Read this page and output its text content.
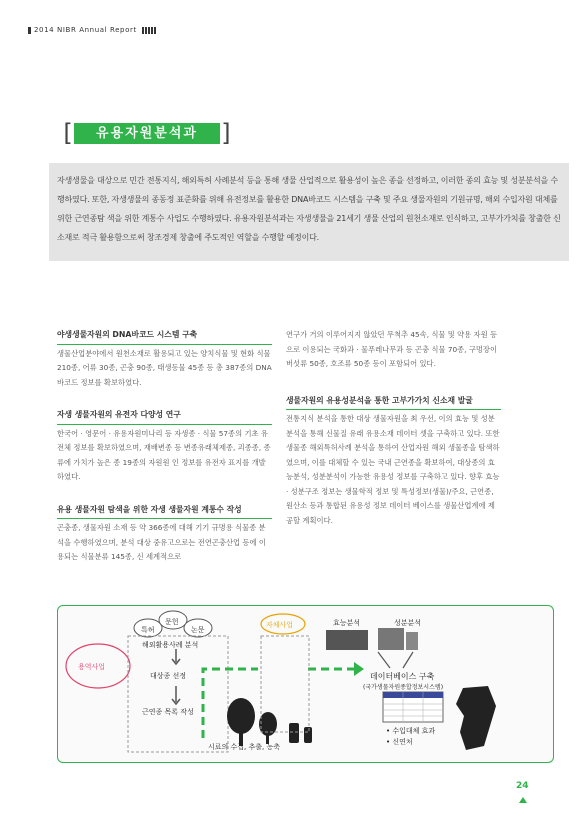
2014 NIBR Annual Report
[	유용자원분석과 ]

자생생물을 대상으로 민간 전통지식, 해외특허 사례분석 등을 통해 생물 산업적으로 활용성이 높은 종을 선정하고, 이러한 종의 효능 및 성분분석을 수행하였다. 또한, 자생생물의 종동정 표준화를 위해 유전정보를 활용한 DNA바코드 시스템을 구축 및 주요 생물자원의 기원규명, 해외 수입자원 대체를 위한 근연종탐 색을 위한 계통수 사업도 수행하였다. 유용자원분석과는 자생생물을 21세기 생물 산업의 원천소재로 인식하고, 고부가가치를 창출한 신소재로 적극 활용함으로써 창조경제 창출에 주도적인 역할을 수행할 예정이다.

야생생물자원의 DNA바코드 시스템 구축

생물산업분야에서 원천소재로 활용되고 있는 양치식물 및 현화 식물 210종, 어류 30종, 곤충 90종, 태생동물 45종 등 총 387종의 DNA 바코드 정보를 확보하였다.

자생 생물자원의 유전자 다양성 연구

한국어 · 영문어 · 유용자원미나리 등 자생종 · 식물 57종의 기초 유전체 정보를 확보하였으며, 재배변종 등 변종유래체제종, 괴종종, 종류에 가치가 높은 종 19종의 자원원 인 정보를 유전자 표지를 개발하였다.

유용 생물자원 탐색을 위한 자생 생물자원 계통수 작성

곤충종, 생물자원 소재 등 약 366종에 대해 기기 규명용 식물종 분석을 수행하였으며, 분석 대상 중유고으로는 전연곤충산업 등에 이용되는 식물분류 145종, 신 세계적으로

연구가 거의 이루어지지 않았던 무척추 45속, 식물 및 약용 자원 등으로 이용되는 국화과 · 물푸레나무과 등 곤충 식물 70종, 구멍장이버섯류 50종, 호조류 50종 등이 포함되어 있다.

생물자원의 유용성분석을 통한 고부가가치 신소재 발굴

전통지식 분석을 통한 대상 생물자원을 최 우선, 이의 효능 및 성분분석을 통해 신물질 유래 유용소재 데이터 셋을 구축하고 있다. 또한 생물종 해외특허사례 분석을 통하여 산업자원 해외 생물종을 탐색하였으며, 이를 대체할 수 있는 국내 근연종을 확보하여, 대상종의 효능분석, 성분분석이 가능한 유용성 정보를 구축하고 있다. 향후 효능 · 성분구조 정보는 생물학적 정보 및 특성정보(생물)/주요, 근연종, 원산소 등과 통합된 유용성 정보 데이터 베이스를 생물산업계에 제공할 계획이다.

특허
문헌
논문
해외활용사례 분석
용역사업
대상종 선정
근연종 목록 작성
시료의 수집, 추출, 농축
자체사업	효능분석	성분분석
데이터베이스 구축
(국가생물자원종합정보시스템)
• 수입대체 효과
• 신연처
24
